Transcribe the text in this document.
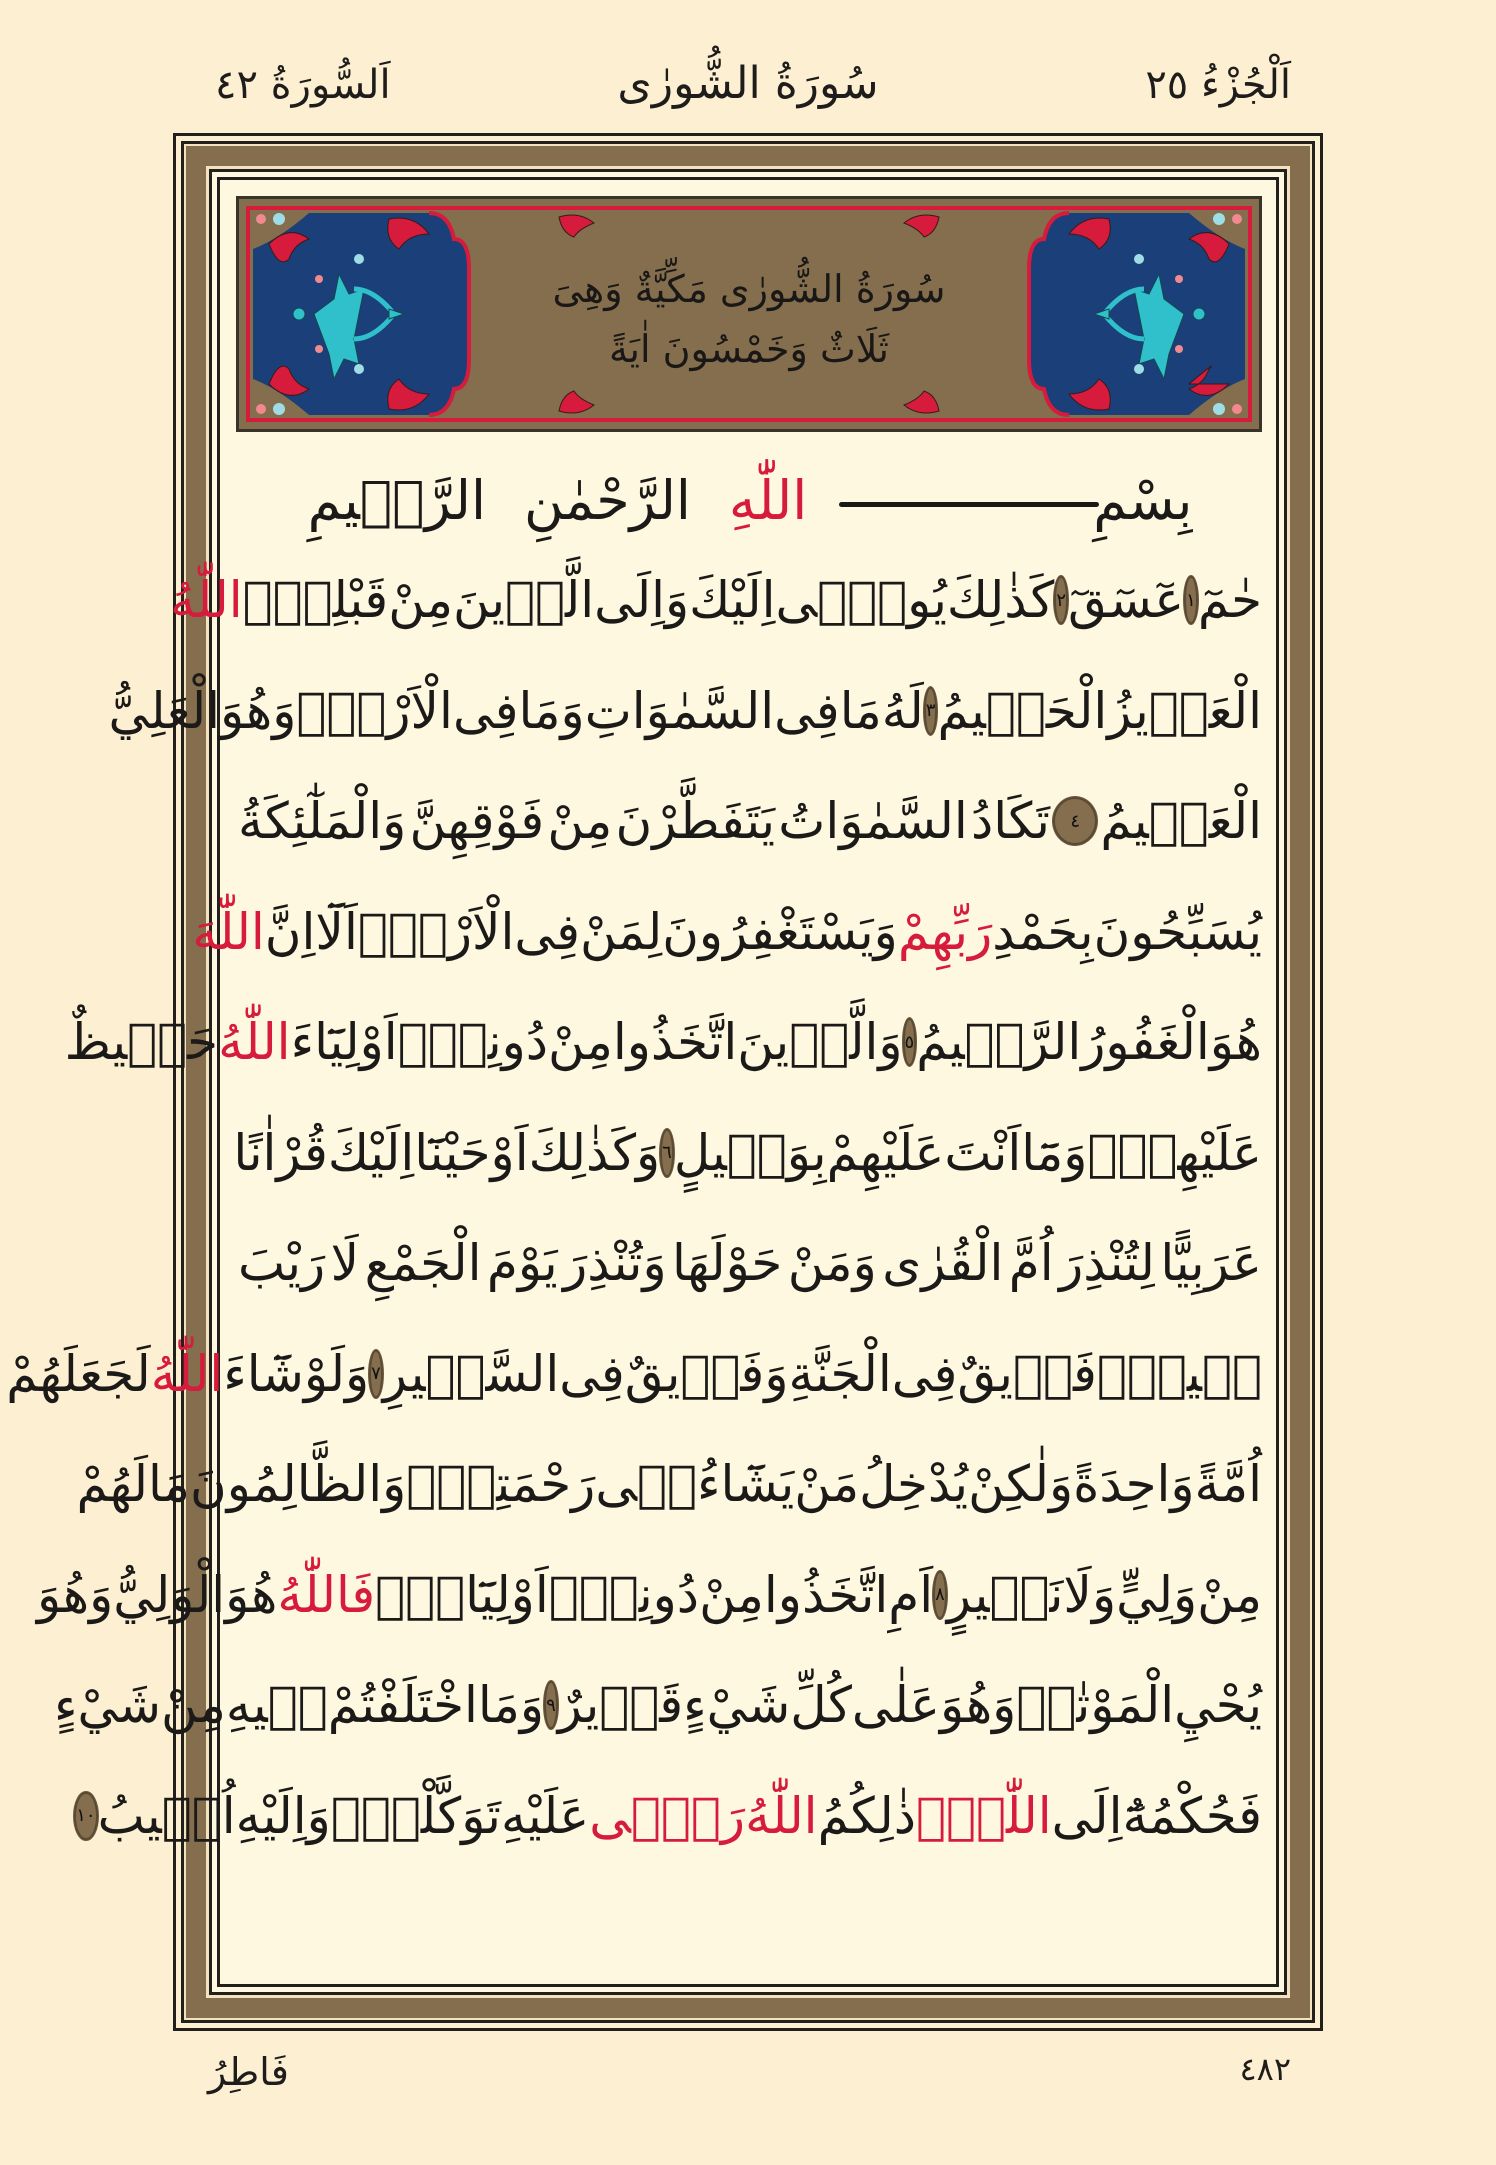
اَلْجُزْءُ ٢٥
سُورَةُ الشُّورٰى
اَلسُّورَةُ ٤٢
سُورَةُ الشُّورٰى مَكِّيَّةٌ وَهِىَ
ثَلَاثٌ وَخَمْسُونَ اٰيَةً
بِسْمِ
اللّٰهِ
الرَّحْمٰنِ
الرَّح۪يمِ
حٰمٓ
١
عٓسٓقٓ
٢
كَذٰلِكَ
يُوح۪ٓى
اِلَيْكَ
وَاِلَى
الَّذ۪ينَ
مِنْ
قَبْلِكَۙ
اللّٰهُ
الْعَز۪يزُ
الْحَك۪يمُ
٣
لَهُ
مَا
فِى
السَّمٰوَاتِ
وَمَا
فِى
الْاَرْضِۜ
وَهُوَ
الْعَلِيُّ
الْعَظ۪يمُ
٤
تَكَادُ
السَّمٰوَاتُ
يَتَفَطَّرْنَ
مِنْ
فَوْقِهِنَّ
وَالْمَلٰٓئِكَةُ
يُسَبِّحُونَ
بِحَمْدِ
رَبِّهِمْ
وَيَسْتَغْفِرُونَ
لِمَنْ
فِى
الْاَرْضِۜ
اَلَٓا
اِنَّ
اللّٰهَ
هُوَ
الْغَفُورُ
الرَّح۪يمُ
٥
وَالَّذ۪ينَ
اتَّخَذُوا
مِنْ
دُونِه۪ٓ
اَوْلِيَٓاءَ
اللّٰهُ
حَف۪يظٌ
عَلَيْهِمْۘ
وَمَٓا
اَنْتَ
عَلَيْهِمْ
بِوَك۪يلٍ
٦
وَكَذٰلِكَ
اَوْحَيْنَٓا
اِلَيْكَ
قُرْاٰنًا
عَرَبِيًّا
لِتُنْذِرَ
اُمَّ
الْقُرٰى
وَمَنْ
حَوْلَهَا
وَتُنْذِرَ
يَوْمَ
الْجَمْعِ
لَا
رَيْبَ
ف۪يهِۜ
فَر۪يقٌ
فِى
الْجَنَّةِ
وَفَر۪يقٌ
فِى
السَّع۪يرِ
٧
وَلَوْ
شَٓاءَ
اللّٰهُ
لَجَعَلَهُمْ
اُمَّةً
وَاحِدَةً
وَلٰكِنْ
يُدْخِلُ
مَنْ
يَشَٓاءُ
ف۪ى
رَحْمَتِه۪ۜ
وَالظَّالِمُونَ
مَا
لَهُمْ
مِنْ
وَلِيٍّ
وَلَا
نَص۪يرٍ
٨
اَمِ
اتَّخَذُوا
مِنْ
دُونِه۪ٓ
اَوْلِيَٓاءَۚ
فَاللّٰهُ
هُوَ
الْوَلِيُّ
وَهُوَ
يُحْيِ
الْمَوْتٰىۘ
وَهُوَ
عَلٰى
كُلِّ
شَيْءٍ
قَد۪يرٌ
٩
وَمَا
اخْتَلَفْتُمْ
ف۪يهِ
مِنْ
شَيْءٍ
فَحُكْمُهُٓ
اِلَى
اللّٰهِۜ
ذٰلِكُمُ
اللّٰهُ
رَبّ۪ى
عَلَيْهِ
تَوَكَّلْتُۗ
وَاِلَيْهِ
اُن۪يبُ
١٠
٤٨٢
فَاطِرُ
